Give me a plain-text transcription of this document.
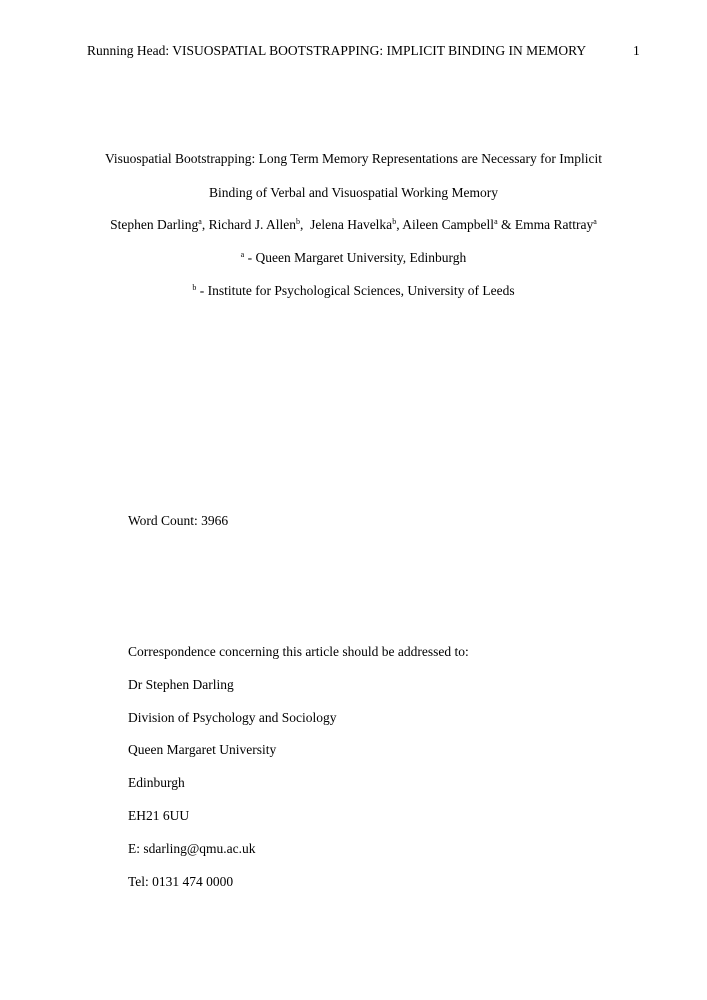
Running Head: VISUOSPATIAL BOOTSTRAPPING: IMPLICIT BINDING IN MEMORY	1
Visuospatial Bootstrapping: Long Term Memory Representations are Necessary for Implicit
Binding of Verbal and Visuospatial Working Memory
Stephen Darling$^a$, Richard J. Allen$^b$,  Jelena Havelka$^b$, Aileen Campbell$^a$ & Emma Rattray$^a$
$^a$ - Queen Margaret University, Edinburgh
$^b$ - Institute for Psychological Sciences, University of Leeds
Word Count: 3966
Correspondence concerning this article should be addressed to:
Dr Stephen Darling
Division of Psychology and Sociology
Queen Margaret University
Edinburgh
EH21 6UU
E: sdarling@qmu.ac.uk
Tel: 0131 474 0000
